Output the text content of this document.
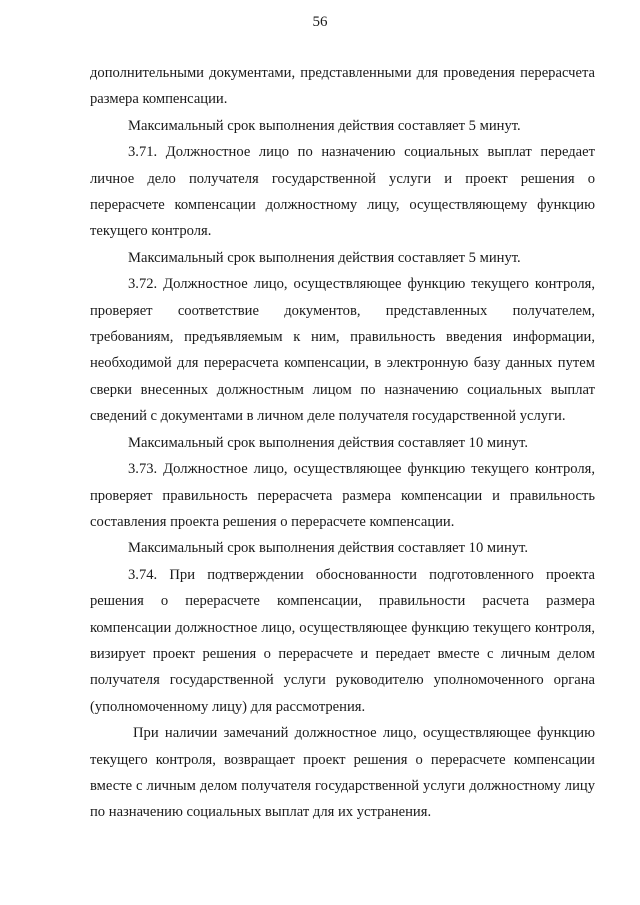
56

дополнительными документами, представленными для проведения перерасчета размера компенсации.

Максимальный срок выполнения действия составляет 5 минут.

3.71. Должностное лицо по назначению социальных выплат передает личное дело получателя государственной услуги и проект решения о перерасчете компенсации должностному лицу, осуществляющему функцию текущего контроля.

Максимальный срок выполнения действия составляет 5 минут.

3.72. Должностное лицо, осуществляющее функцию текущего контроля, проверяет соответствие документов, представленных получателем, требованиям, предъявляемым к ним, правильность введения информации, необходимой для перерасчета компенсации, в электронную базу данных путем сверки внесенных должностным лицом по назначению социальных выплат сведений с документами в личном деле получателя государственной услуги.

Максимальный срок выполнения действия составляет 10 минут.

3.73. Должностное лицо, осуществляющее функцию текущего контроля, проверяет правильность перерасчета размера компенсации и правильность составления проекта решения о перерасчете компенсации.

Максимальный срок выполнения действия составляет 10 минут.

3.74. При подтверждении обоснованности подготовленного проекта решения о перерасчете компенсации, правильности расчета размера компенсации должностное лицо, осуществляющее функцию текущего контроля, визирует проект решения о перерасчете и передает вместе с личным делом получателя государственной услуги руководителю уполномоченного органа (уполномоченному лицу) для рассмотрения.

При наличии замечаний должностное лицо, осуществляющее функцию текущего контроля, возвращает проект решения о перерасчете компенсации вместе с личным делом получателя государственной услуги должностному лицу по назначению социальных выплат для их устранения.
